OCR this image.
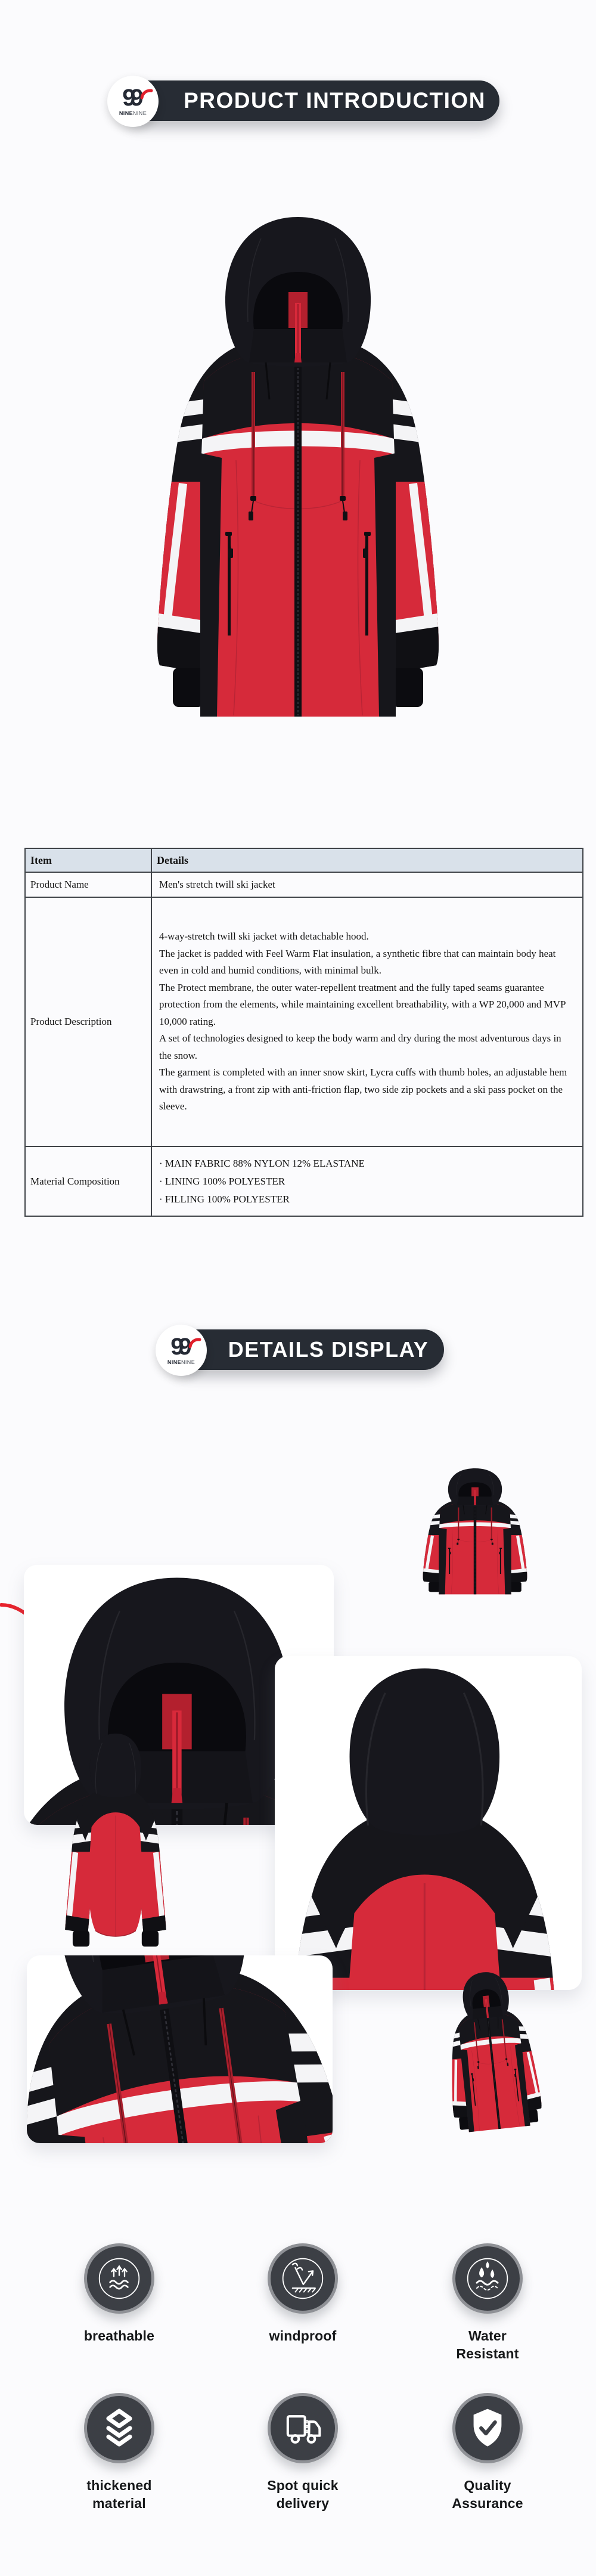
PRODUCT INTRODUCTION
99
NINENINE
Item	Details
Product Name	Men's stretch twill ski jacket
Product Description	4-way-stretch twill ski jacket with detachable hood.

The jacket is padded with Feel Warm Flat insulation, a synthetic fibre that can maintain body heat even in cold and humid conditions, with minimal bulk.

The Protect membrane, the outer water-repellent treatment and the fully taped seams guarantee protection from the elements, while maintaining excellent breathability, with a WP 20,000 and MVP 10,000 rating.

A set of technologies designed to keep the body warm and dry during the most adventurous days in the snow.

The garment is completed with an inner snow skirt, Lycra cuffs with thumb holes, an adjustable hem with drawstring, a front zip with anti-friction flap, two side zip pockets and a ski pass pocket on the sleeve.

Material Composition	· MAIN FABRIC 88% NYLON 12% ELASTANE
· LINING 100% POLYESTER
· FILLING 100% POLYESTER
DETAILS DISPLAY
99
NINENINE
breathable	windproof	Water Resistant
thickened material
Spot quick delivery
Quality Assurance
